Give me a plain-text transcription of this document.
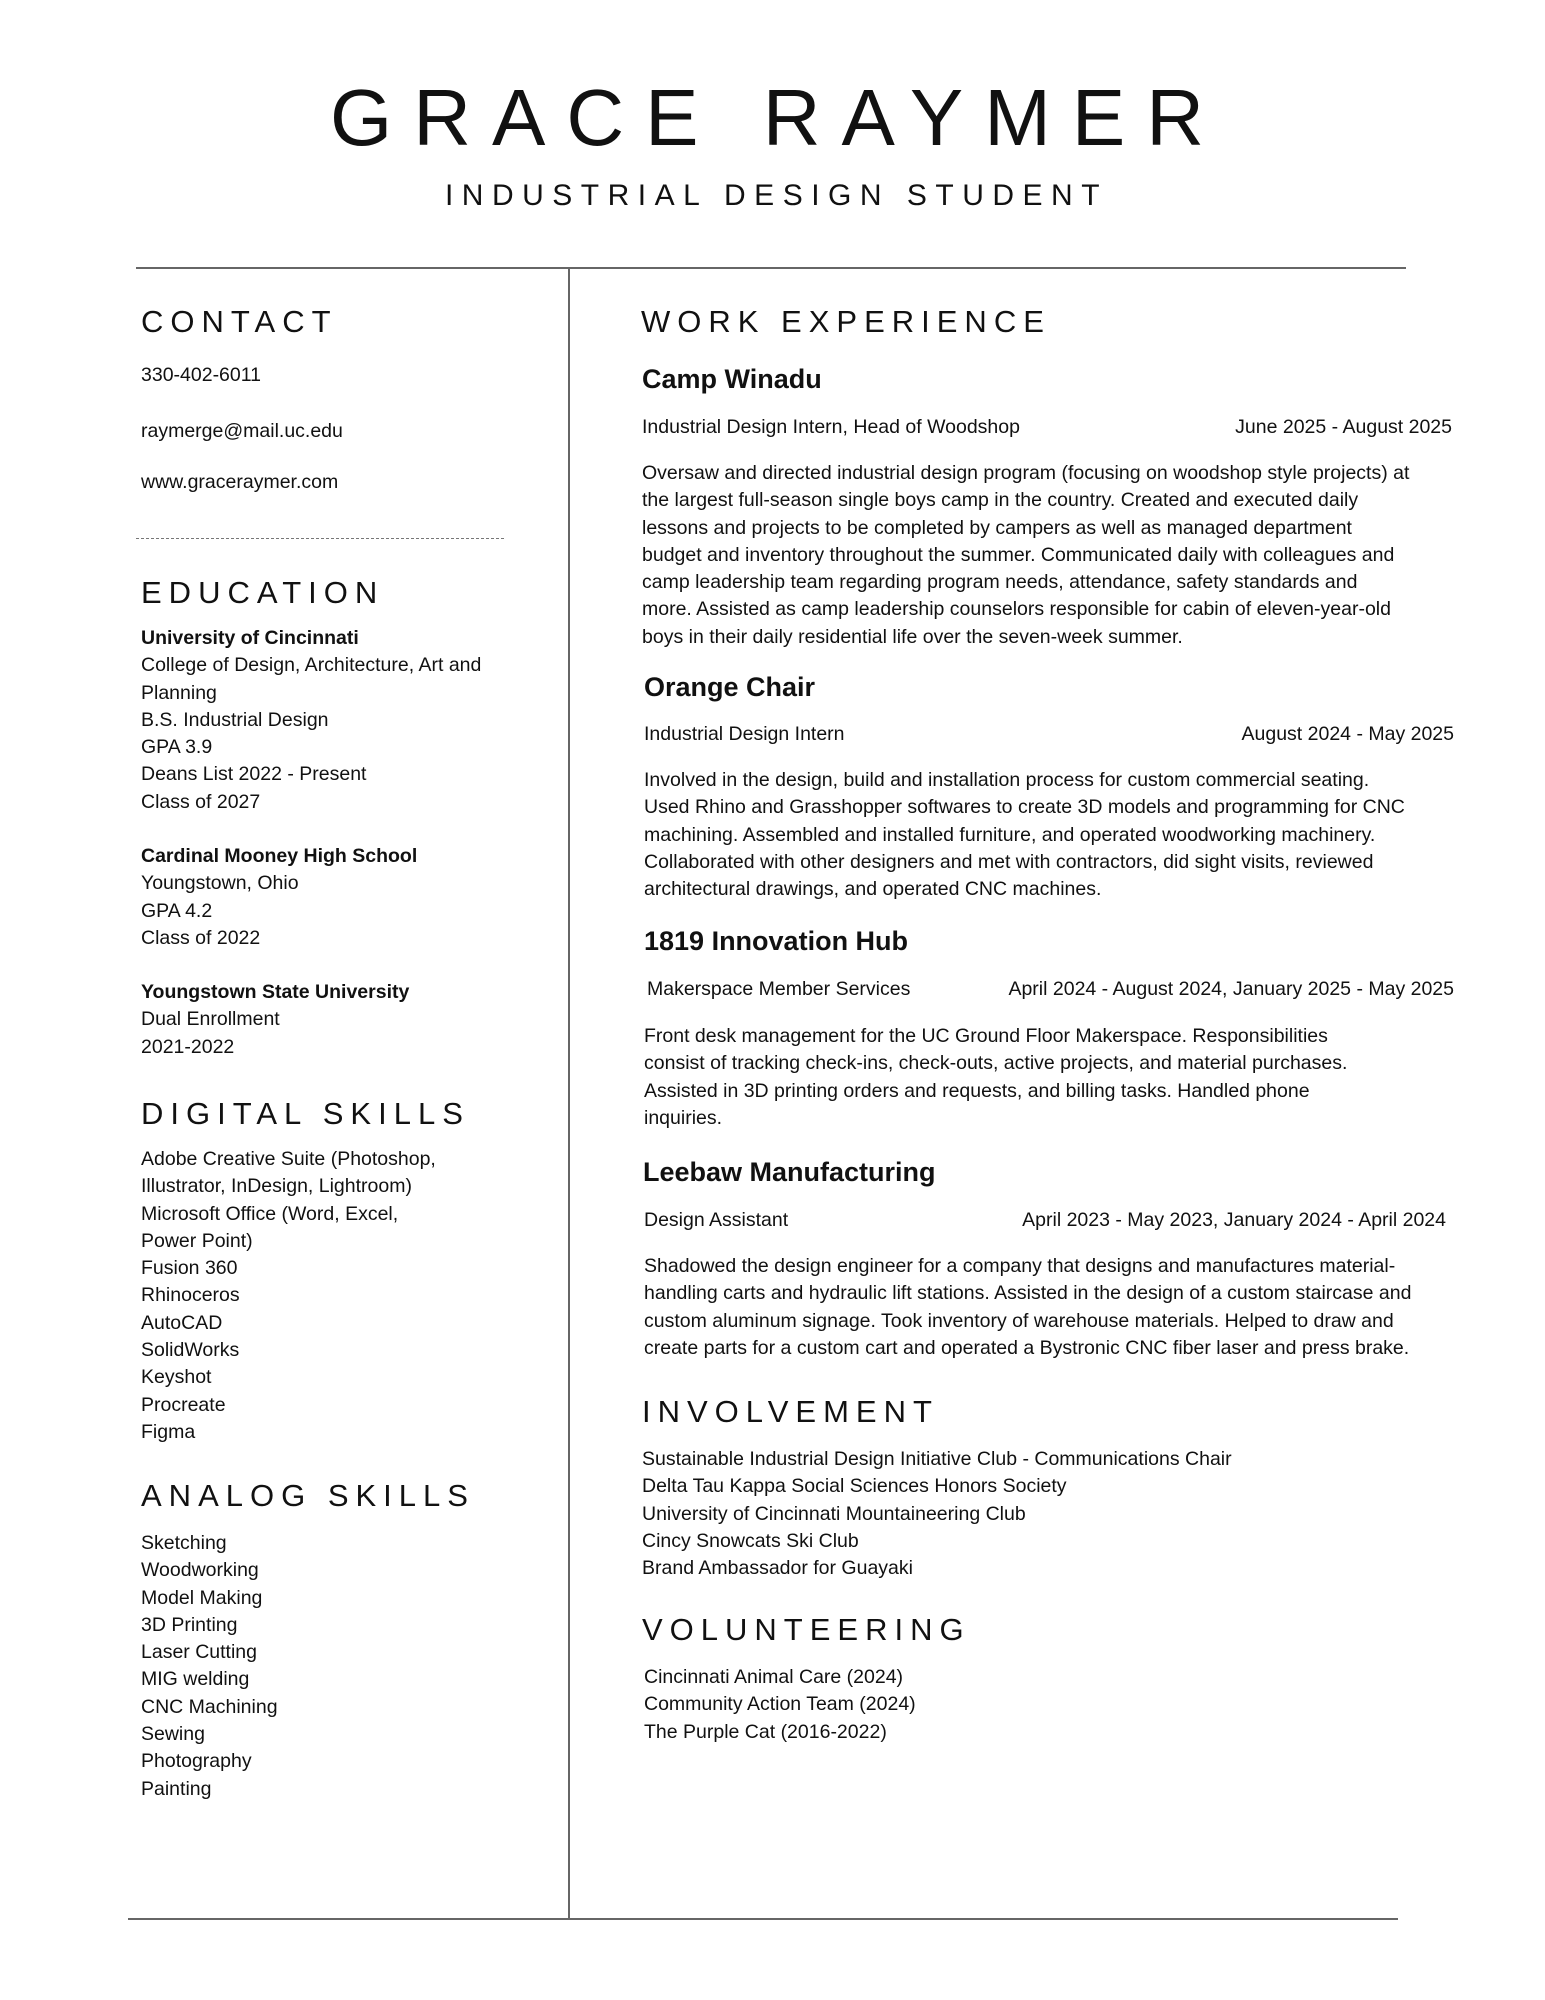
GRACE RAYMER
INDUSTRIAL DESIGN STUDENT
CONTACT
330-402-6011
raymerge@mail.uc.edu
www.graceraymer.com
EDUCATION

University of Cincinnati

College of Design, Architecture, Art and

Planning

B.S. Industrial Design

GPA 3.9

Deans List 2022 - Present

Class of 2027

Cardinal Mooney High School

Youngstown, Ohio

GPA 4.2

Class of 2022

Youngstown State University

Dual Enrollment

2021-2022

DIGITAL SKILLS

Adobe Creative Suite (Photoshop,

Illustrator, InDesign, Lightroom)

Microsoft Office (Word, Excel,

Power Point)

Fusion 360

Rhinoceros

AutoCAD

SolidWorks

Keyshot

Procreate

Figma

ANALOG SKILLS

Sketching

Woodworking

Model Making

3D Printing

Laser Cutting

MIG welding

CNC Machining

Sewing

Photography

Painting

WORK EXPERIENCE
Camp Winadu
Industrial Design Intern, Head of Woodshop	June 2025 - August 2025

Oversaw and directed industrial design program (focusing on woodshop style projects) at

the largest full-season single boys camp in the country. Created and executed daily

lessons and projects to be completed by campers as well as managed department

budget and inventory throughout the summer. Communicated daily with colleagues and

camp leadership team regarding program needs, attendance, safety standards and

more. Assisted as camp leadership counselors responsible for cabin of eleven-year-old

boys in their daily residential life over the seven-week summer.

Orange Chair
Industrial Design Intern	August 2024 - May 2025

Involved in the design, build and installation process for custom commercial seating.

Used Rhino and Grasshopper softwares to create 3D models and programming for CNC

machining. Assembled and installed furniture, and operated woodworking machinery.

Collaborated with other designers and met with contractors, did sight visits, reviewed

architectural drawings, and operated CNC machines.

1819 Innovation Hub
Makerspace Member Services	April 2024 - August 2024, January 2025 - May 2025

Front desk management for the UC Ground Floor Makerspace. Responsibilities

consist of tracking check-ins, check-outs, active projects, and material purchases.

Assisted in 3D printing orders and requests, and billing tasks. Handled phone

inquiries.

Leebaw Manufacturing
Design Assistant	April 2023 - May 2023, January 2024 - April 2024

Shadowed the design engineer for a company that designs and manufactures material-

handling carts and hydraulic lift stations. Assisted in the design of a custom staircase and

custom aluminum signage. Took inventory of warehouse materials. Helped to draw and

create parts for a custom cart and operated a Bystronic CNC fiber laser and press brake.

INVOLVEMENT

Sustainable Industrial Design Initiative Club - Communications Chair

Delta Tau Kappa Social Sciences Honors Society

University of Cincinnati Mountaineering Club

Cincy Snowcats Ski Club

Brand Ambassador for Guayaki

VOLUNTEERING

Cincinnati Animal Care (2024)

Community Action Team (2024)

The Purple Cat (2016-2022)
